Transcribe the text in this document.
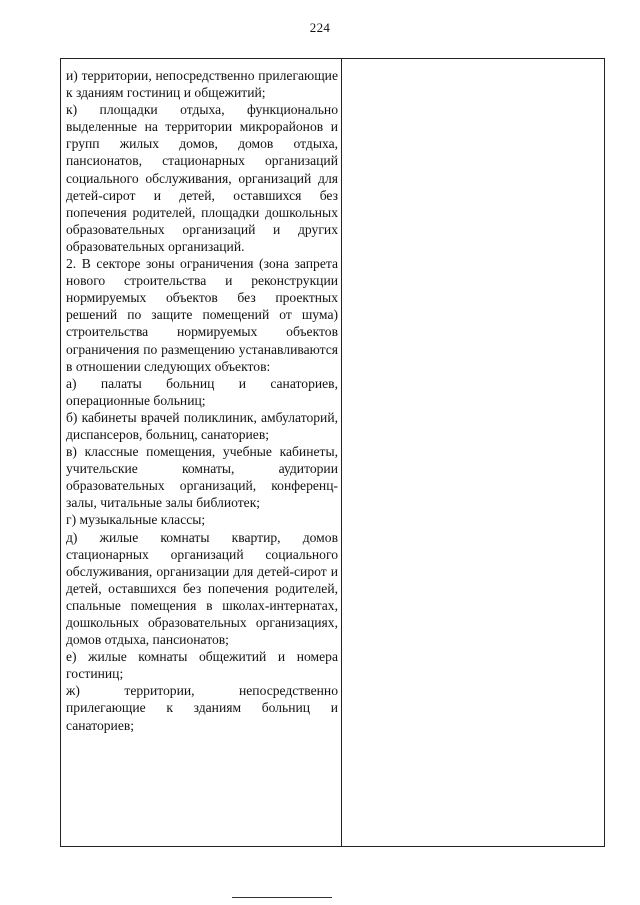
224

и) территории, непосредственно прилегающие к зданиям гостиниц и общежитий;

к) площадки отдыха, функционально выделенные на территории микрорайонов и групп жилых домов, домов отдыха, пансионатов, стационарных организаций социального обслуживания, организаций для детей-сирот и детей, оставшихся без попечения родителей, площадки дошкольных образовательных организаций и других образовательных организаций.

2. В секторе зоны ограничения (зона запрета нового строительства и реконструкции нормируемых объектов без проектных решений по защите помещений от шума) строительства нормируемых объектов ограничения по размещению устанавливаются в отношении следующих объектов:

а) палаты больниц и санаториев, операционные больниц;

б) кабинеты врачей поликлиник, амбулаторий, диспансеров, больниц, санаториев;

в) классные помещения, учебные кабинеты, учительские комнаты, аудитории образовательных организаций, конференц-залы, читальные залы библиотек;

г) музыкальные классы;

д) жилые комнаты квартир, домов стационарных организаций социального обслуживания, организации для детей-сирот и детей, оставшихся без попечения родителей, спальные помещения в школах-интернатах, дошкольных образовательных организациях, домов отдыха, пансионатов;

е) жилые комнаты общежитий и номера гостиниц;

ж) территории, непосредственно прилегающие к зданиям больниц и санаториев;
